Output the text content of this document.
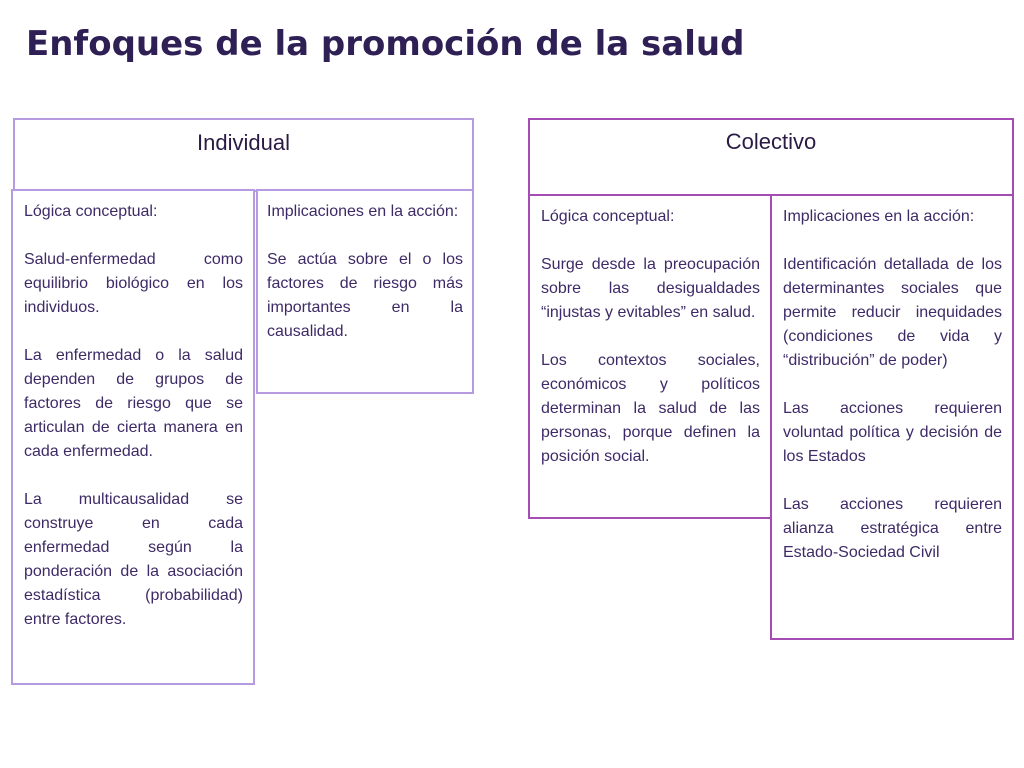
Enfoques de la promoción de la salud
Individual

Lógica conceptual:

Salud-enfermedad como equilibrio biológico en los individuos.

La enfermedad o la salud dependen de grupos de factores de riesgo que se articulan de cierta manera en cada enfermedad.

La multicausalidad se construye en cada enfermedad según la ponderación de la asociación estadística (probabilidad) entre factores.

Implicaciones en la acción:

Se actúa sobre el o los factores de riesgo más importantes en la causalidad.

Colectivo

Lógica conceptual:

Surge desde la preocupación sobre las desigualdades “injustas y evitables” en salud.

Los contextos sociales, económicos y políticos determinan la salud de las personas, porque definen la posición social.

Implicaciones en la acción:

Identificación detallada de los determinantes sociales que permite reducir inequidades (condiciones de vida y “distribución” de poder)

Las acciones requieren voluntad política y decisión de los Estados

Las acciones requieren alianza estratégica entre Estado-Sociedad Civil
